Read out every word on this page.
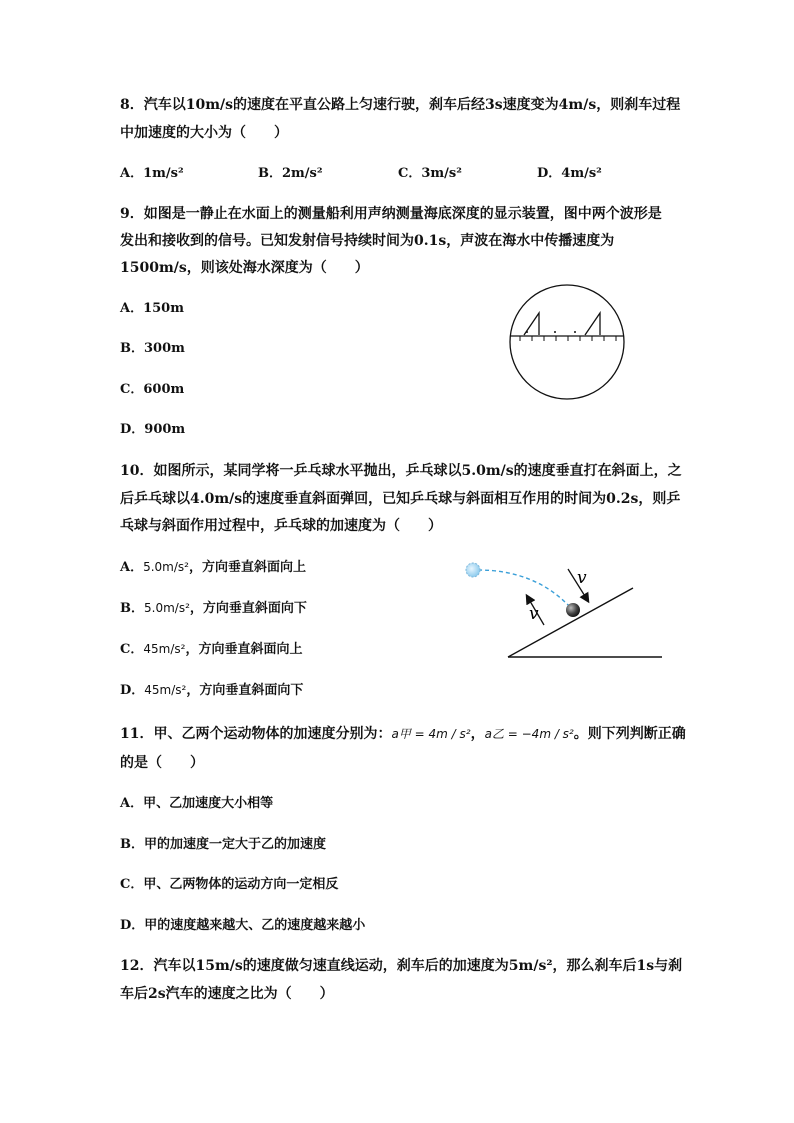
8．汽车以10m/s的速度在平直公路上匀速行驶，刹车后经3s速度变为4m/s，则刹车过程
中加速度的大小为（　　）
A．1m/s²	B．2m/s²	C．3m/s²	D．4m/s²
9．如图是一静止在水面上的测量船利用声纳测量海底深度的显示装置，图中两个波形是
发出和接收到的信号。已知发射信号持续时间为0.1s，声波在海水中传播速度为
1500m/s，则该处海水深度为（　　）
A．150m
B．300m
C．600m
D．900m
10．如图所示，某同学将一乒乓球水平抛出，乒乓球以5.0m/s的速度垂直打在斜面上，之
后乒乓球以4.0m/s的速度垂直斜面弹回，已知乒乓球与斜面相互作用的时间为0.2s，则乒
乓球与斜面作用过程中，乒乓球的加速度为（　　）
A．5.0m/s²，方向垂直斜面向上
B．5.0m/s²，方向垂直斜面向下
C．45m/s²，方向垂直斜面向上
D．45m/s²，方向垂直斜面向下
v
v
11．甲、乙两个运动物体的加速度分别为：a甲 = 4m / s²，a乙 = −4m / s²。则下列判断正确
的是（　　）
A．甲、乙加速度大小相等
B．甲的加速度一定大于乙的加速度
C．甲、乙两物体的运动方向一定相反
D．甲的速度越来越大、乙的速度越来越小
12．汽车以15m/s的速度做匀速直线运动，刹车后的加速度为5m/s²，那么刹车后1s与刹
车后2s汽车的速度之比为（　　）
